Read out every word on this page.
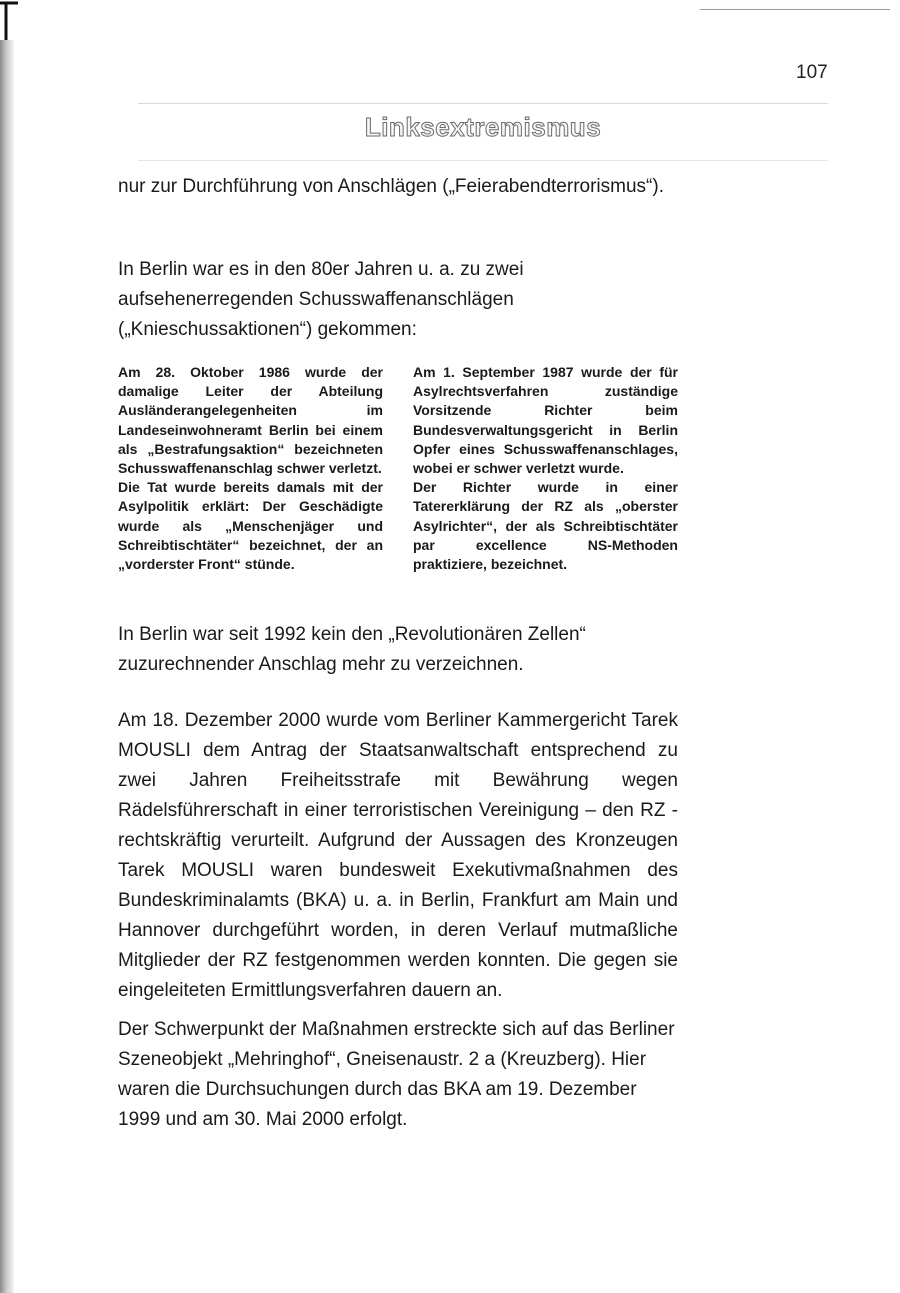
107
Linksextremismus

nur zur Durchführung von Anschlägen („Feierabendterrorismus“).

In Berlin war es in den 80er Jahren u. a. zu zwei aufsehenerregenden Schusswaffenanschlägen („Knieschussaktionen“) gekommen:

Am 28. Oktober 1986 wurde der damalige Leiter der Abteilung Ausländerangelegenheiten im Landeseinwohneramt Berlin bei einem als „Bestrafungsaktion“ bezeichneten Schusswaffenanschlag schwer verletzt.
Die Tat wurde bereits damals mit der Asylpolitik erklärt: Der Geschädigte wurde als „Menschenjäger und Schreibtischtäter“ bezeichnet, der an „vorderster Front“ stünde.
Am 1. September 1987 wurde der für Asylrechtsverfahren zuständige Vorsitzende Richter beim Bundesverwaltungsgericht in Berlin Opfer eines Schusswaffenanschlages, wobei er schwer verletzt wurde.
Der Richter wurde in einer Tatererklärung der RZ als „oberster Asylrichter“, der als Schreibtischtäter par excellence NS-Methoden praktiziere, bezeichnet.

In Berlin war seit 1992 kein den „Revolutionären Zellen“ zuzurechnender Anschlag mehr zu verzeichnen.

Am 18. Dezember 2000 wurde vom Berliner Kammergericht Tarek MOUSLI dem Antrag der Staatsanwaltschaft entsprechend zu zwei Jahren Freiheitsstrafe mit Bewährung wegen Rädelsführerschaft in einer terroristischen Vereinigung – den RZ - rechtskräftig verurteilt. Aufgrund der Aussagen des Kronzeugen Tarek MOUSLI waren bundesweit Exekutivmaßnahmen des Bundeskriminalamts (BKA) u. a. in Berlin, Frankfurt am Main und Hannover durchgeführt worden, in deren Verlauf mutmaßliche Mitglieder der RZ festgenommen werden konnten. Die gegen sie eingeleiteten Ermittlungsverfahren dauern an.

Der Schwerpunkt der Maßnahmen erstreckte sich auf das Berliner Szeneobjekt „Mehringhof“, Gneisenaustr. 2 a (Kreuzberg). Hier waren die Durchsuchungen durch das BKA am 19. Dezember 1999 und am 30. Mai 2000 erfolgt.
